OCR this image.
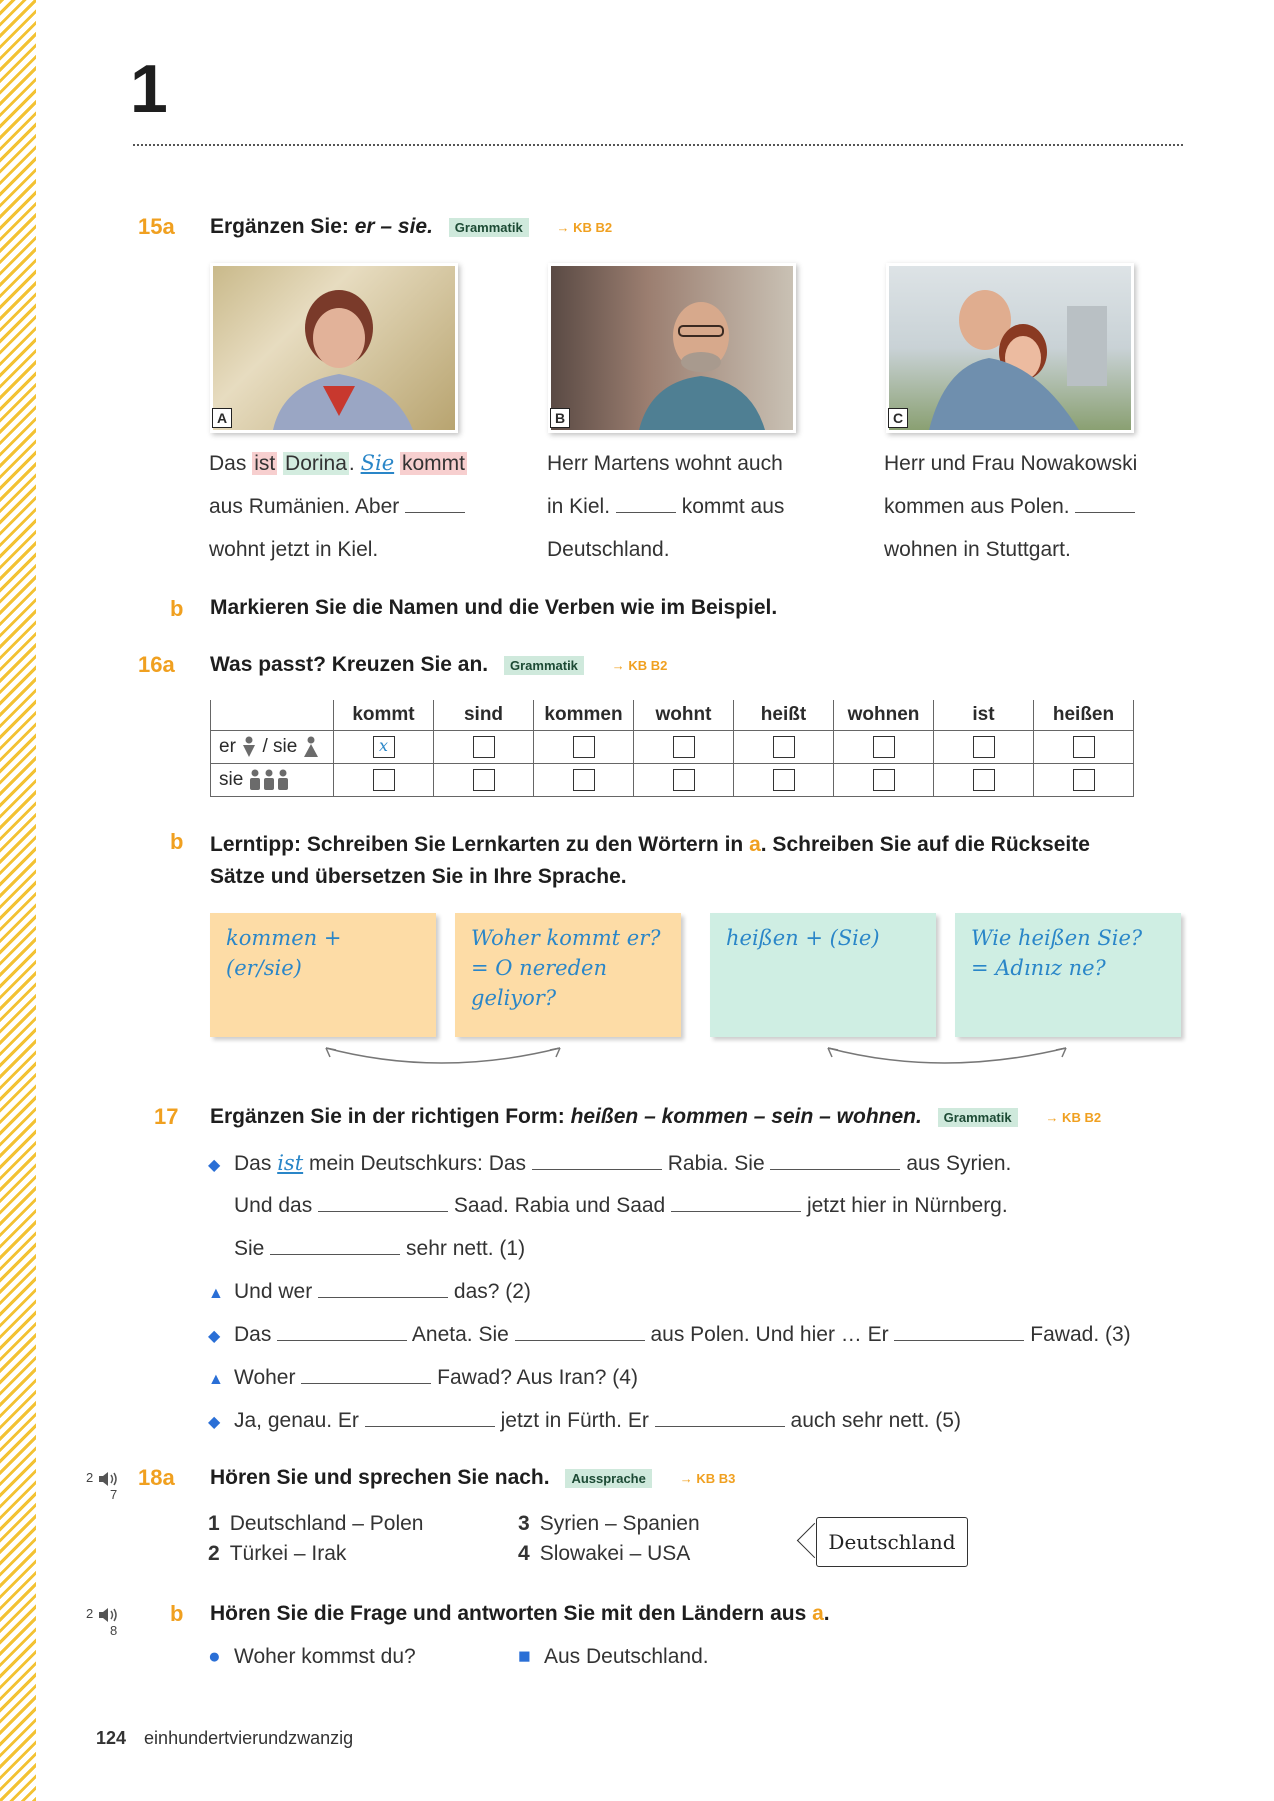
1
15a Ergänzen Sie: er – sie. Grammatik	→ KB B2
A	B	C
Das ist Dorina. Sie kommt
aus Rumänien. Aber
wohnt jetzt in Kiel.
Herr Martens wohnt auch
in Kiel.	kommt aus
Deutschland.
Herr und Frau Nowakowski
kommen aus Polen.
wohnen in Stuttgart.
b Markieren Sie die Namen und die Verben wie im Beispiel.
16a Was passt? Kreuzen Sie an. Grammatik	→ KB B2
	kommt	sind	kommen	wohnt	heißt	wohnen	ist	heißen
er / sie	x							
sie								
b Lerntipp: Schreiben Sie Lernkarten zu den Wörtern in a. Schreiben Sie auf die Rückseite
Sätze und übersetzen Sie in Ihre Sprache.
kommen + (er/sie)
Woher kommt er? = O nereden geliyor?
heißen + (Sie)	Wie heißen Sie? = Adınız ne?
17 Ergänzen Sie in der richtigen Form: heißen – kommen – sein – wohnen. Grammatik	→ KB B2
◆ Das ist mein Deutschkurs: Das	Rabia. Sie	aus Syrien.
Und das	Saad. Rabia und Saad	jetzt hier in Nürnberg.
Sie	sehr nett. (1)
▲ Und wer	das? (2)
◆ Das	Aneta. Sie	aus Polen. Und hier … Er	Fawad. (3)
▲ Woher	Fawad? Aus Iran? (4)
◆ Ja, genau. Er	jetzt in Fürth. Er	auch sehr nett. (5)
2
7
18a Hören Sie und sprechen Sie nach. Aussprache	→ KB B3
1 Deutschland – Polen
2 Türkei – Irak
3 Syrien – Spanien
4 Slowakei – USA	Deutschland
2
8
b Hören Sie die Frage und antworten Sie mit den Ländern aus a.
● Woher kommst du?	■ Aus Deutschland.
124 einhundertvierundzwanzig
